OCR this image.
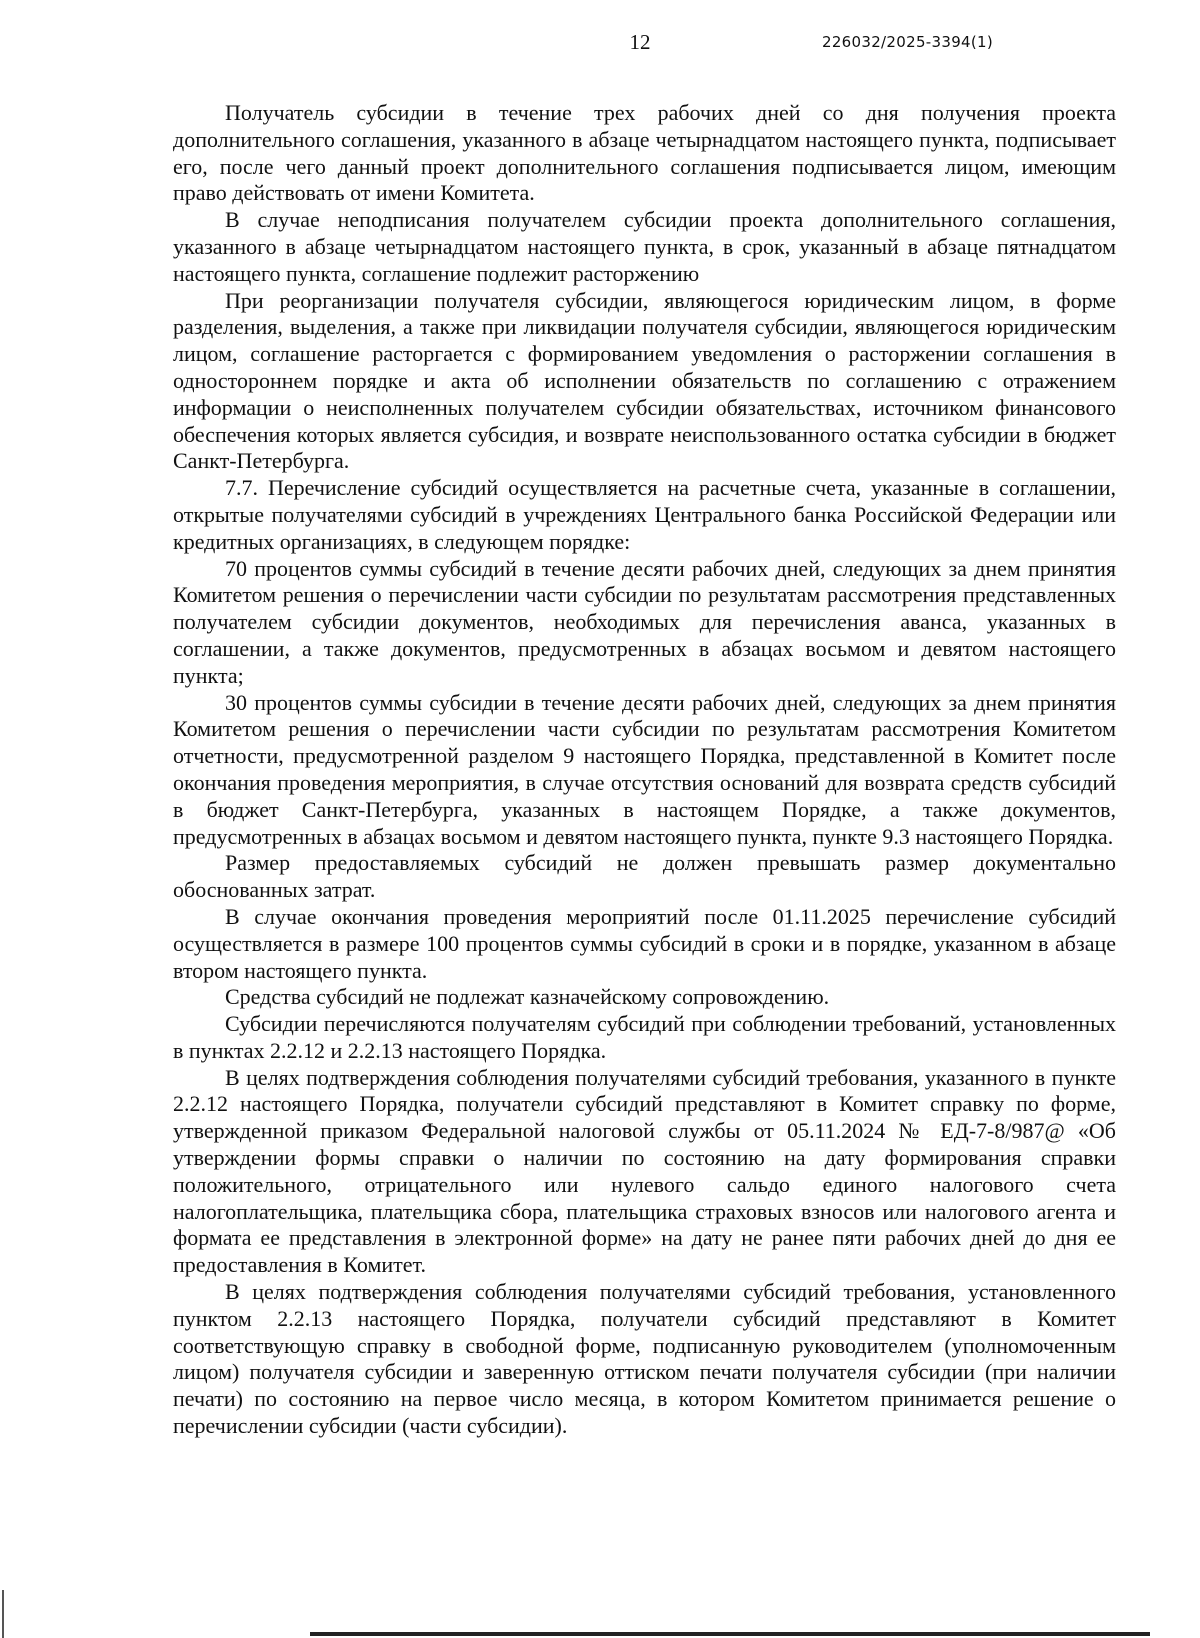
12	226032/2025-3394(1)

Получатель субсидии в течение трех рабочих дней со дня получения проекта дополнительного соглашения, указанного в абзаце четырнадцатом настоящего пункта, подписывает его, после чего данный проект дополнительного соглашения подписывается лицом, имеющим право действовать от имени Комитета.

В случае неподписания получателем субсидии проекта дополнительного соглашения, указанного в абзаце четырнадцатом настоящего пункта, в срок, указанный в абзаце пятнадцатом настоящего пункта, соглашение подлежит расторжению

При реорганизации получателя субсидии, являющегося юридическим лицом, в форме разделения, выделения, а также при ликвидации получателя субсидии, являющегося юридическим лицом, соглашение расторгается с формированием уведомления о расторжении соглашения в одностороннем порядке и акта об исполнении обязательств по соглашению с отражением информации о неисполненных получателем субсидии обязательствах, источником финансового обеспечения которых является субсидия, и возврате неиспользованного остатка субсидии в бюджет Санкт-Петербурга.

7.7. Перечисление субсидий осуществляется на расчетные счета, указанные в соглашении, открытые получателями субсидий в учреждениях Центрального банка Российской Федерации или кредитных организациях, в следующем порядке:

70 процентов суммы субсидий в течение десяти рабочих дней, следующих за днем принятия Комитетом решения о перечислении части субсидии по результатам рассмотрения представленных получателем субсидии документов, необходимых для перечисления аванса, указанных в соглашении, а также документов, предусмотренных в абзацах восьмом и девятом настоящего пункта;

30 процентов суммы субсидии в течение десяти рабочих дней, следующих за днем принятия Комитетом решения о перечислении части субсидии по результатам рассмотрения Комитетом отчетности, предусмотренной разделом 9 настоящего Порядка, представленной в Комитет после окончания проведения мероприятия, в случае отсутствия оснований для возврата средств субсидий в бюджет Санкт-Петербурга, указанных в настоящем Порядке, а также документов, предусмотренных в абзацах восьмом и девятом настоящего пункта, пункте 9.3 настоящего Порядка.

Размер предоставляемых субсидий не должен превышать размер документально обоснованных затрат.

В случае окончания проведения мероприятий после 01.11.2025 перечисление субсидий осуществляется в размере 100 процентов суммы субсидий в сроки и в порядке, указанном в абзаце втором настоящего пункта.

Средства субсидий не подлежат казначейскому сопровождению.

Субсидии перечисляются получателям субсидий при соблюдении требований, установленных в пунктах 2.2.12 и 2.2.13 настоящего Порядка.

В целях подтверждения соблюдения получателями субсидий требования, указанного в пункте 2.2.12 настоящего Порядка, получатели субсидий представляют в Комитет справку по форме, утвержденной приказом Федеральной налоговой службы от 05.11.2024 № ЕД-7-8/987@ «Об утверждении формы справки о наличии по состоянию на дату формирования справки положительного, отрицательного или нулевого сальдо единого налогового счета налогоплательщика, плательщика сбора, плательщика страховых взносов или налогового агента и формата ее представления в электронной форме» на дату не ранее пяти рабочих дней до дня ее предоставления в Комитет.

В целях подтверждения соблюдения получателями субсидий требования, установленного пунктом 2.2.13 настоящего Порядка, получатели субсидий представляют в Комитет соответствующую справку в свободной форме, подписанную руководителем (уполномоченным лицом) получателя субсидии и заверенную оттиском печати получателя субсидии (при наличии печати) по состоянию на первое число месяца, в котором Комитетом принимается решение о перечислении субсидии (части субсидии).
